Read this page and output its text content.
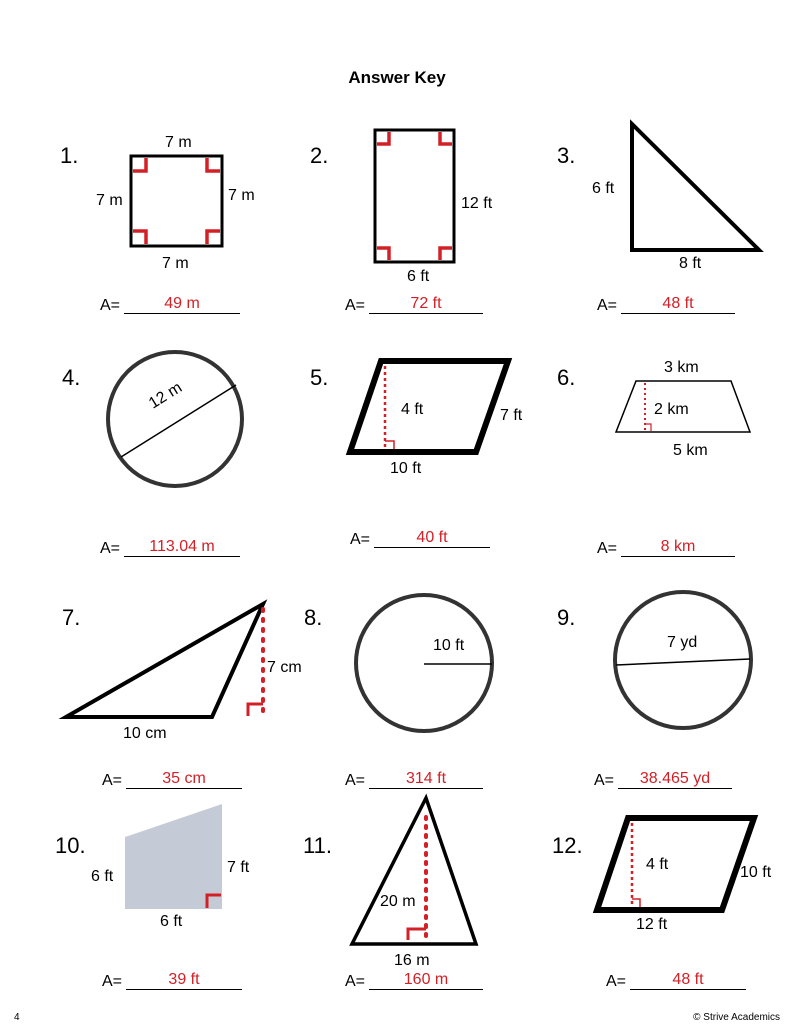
Answer Key
1.	2.	3.
4.	5.	6.
7.	8.	9.
10.	11.	12.
7 m
7 m	7 m
7 m
12 ft
6 ft
6 ft
8 ft
12 m	4 ft	7 ft
10 ft
3 km
2 km
5 km
7 cm
10 cm
10 ft	7 yd
6 ft
7 ft
6 ft
20 m
16 m
4 ft	10 ft
12 ft
A=	49 m	A=	72 ft	A=	48 ft
A=	113.04 m	A=	40 ft
A=	8 km
A=	35 cm	A=	314 ft	A=	38.465 yd
A=	39 ft	A=	160 m	A=	48 ft
4	© Strive Academics
